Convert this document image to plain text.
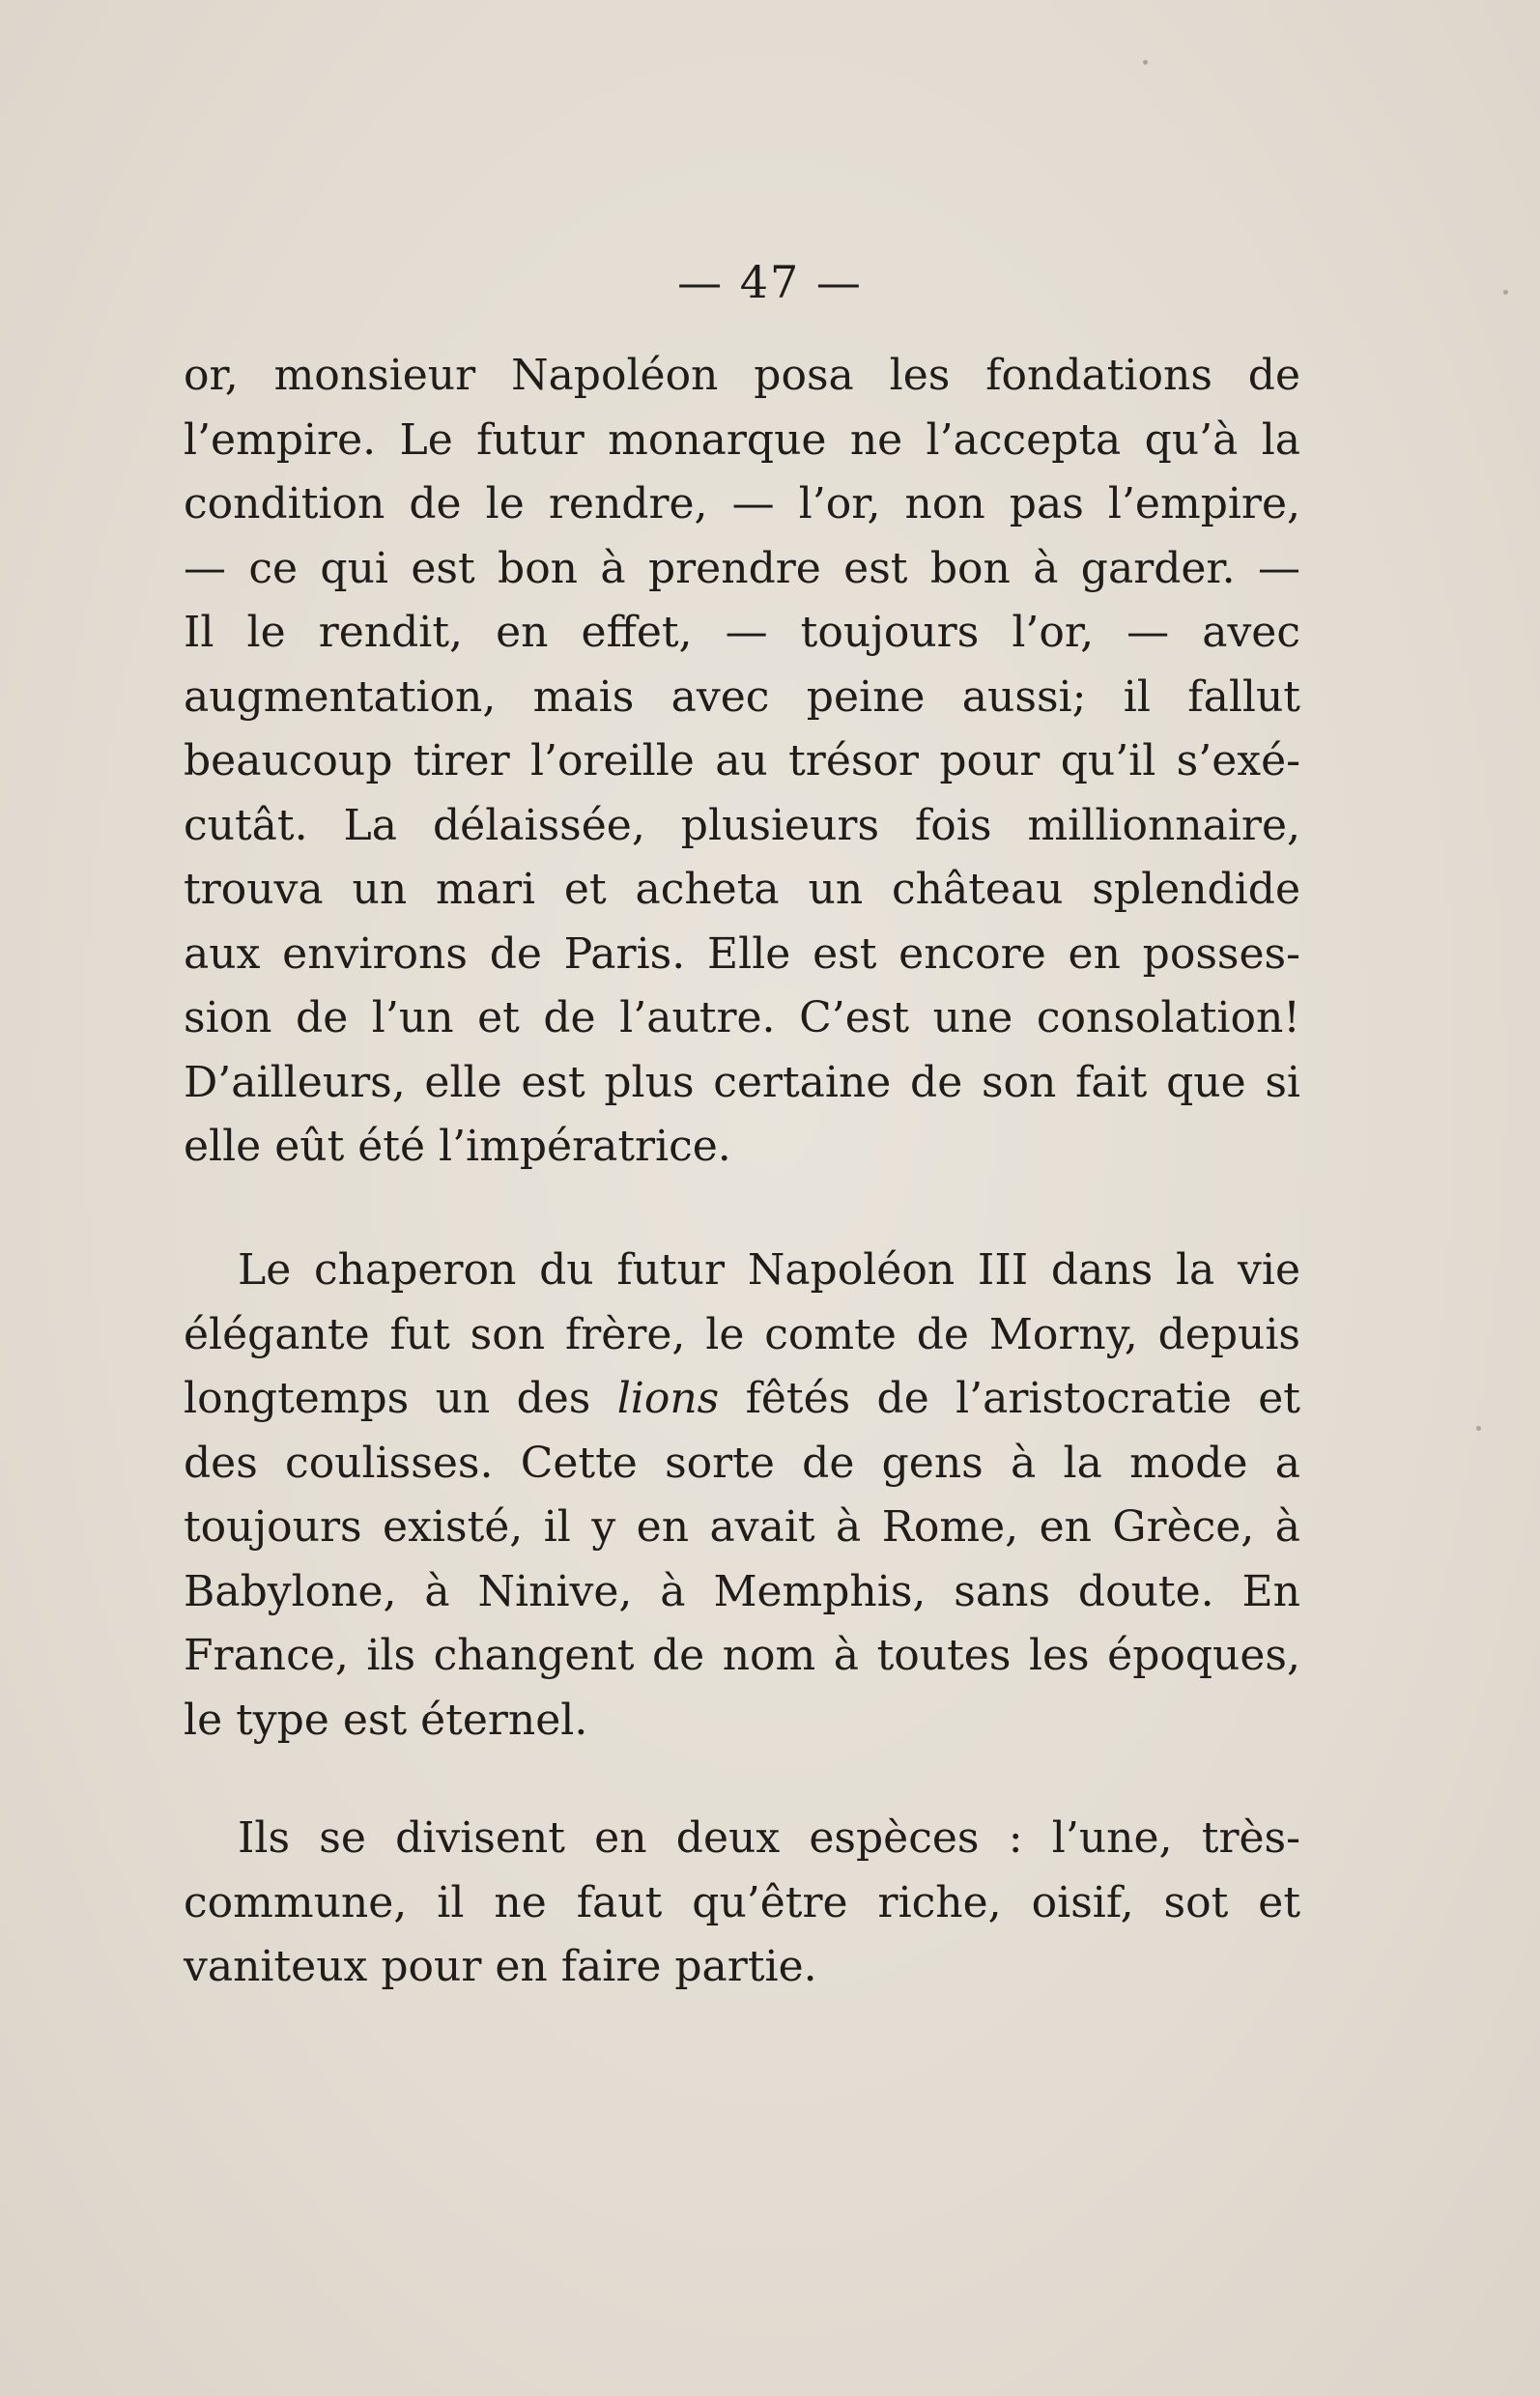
— 47 —
or, monsieur Napoléon posa les fondations de
l’empire. Le futur monarque ne l’accepta qu’à la
condition de le rendre, — l’or, non pas l’empire,
— ce qui est bon à prendre est bon à garder. —
Il le rendit, en effet, — toujours l’or, — avec
augmentation, mais avec peine aussi; il fallut
beaucoup tirer l’oreille au trésor pour qu’il s’exé-
cutât. La délaissée, plusieurs fois millionnaire,
trouva un mari et acheta un château splendide
aux environs de Paris. Elle est encore en posses-
sion de l’un et de l’autre. C’est une consolation!
D’ailleurs, elle est plus certaine de son fait que si
elle eût été l’impératrice.
Le chaperon du futur Napoléon III dans la vie
élégante fut son frère, le comte de Morny, depuis
longtemps un des lions fêtés de l’aristocratie et
des coulisses. Cette sorte de gens à la mode a
toujours existé, il y en avait à Rome, en Grèce, à
Babylone, à Ninive, à Memphis, sans doute. En
France, ils changent de nom à toutes les époques,
le type est éternel.
Ils se divisent en deux espèces : l’une, très-
commune, il ne faut qu’être riche, oisif, sot et
vaniteux pour en faire partie.
